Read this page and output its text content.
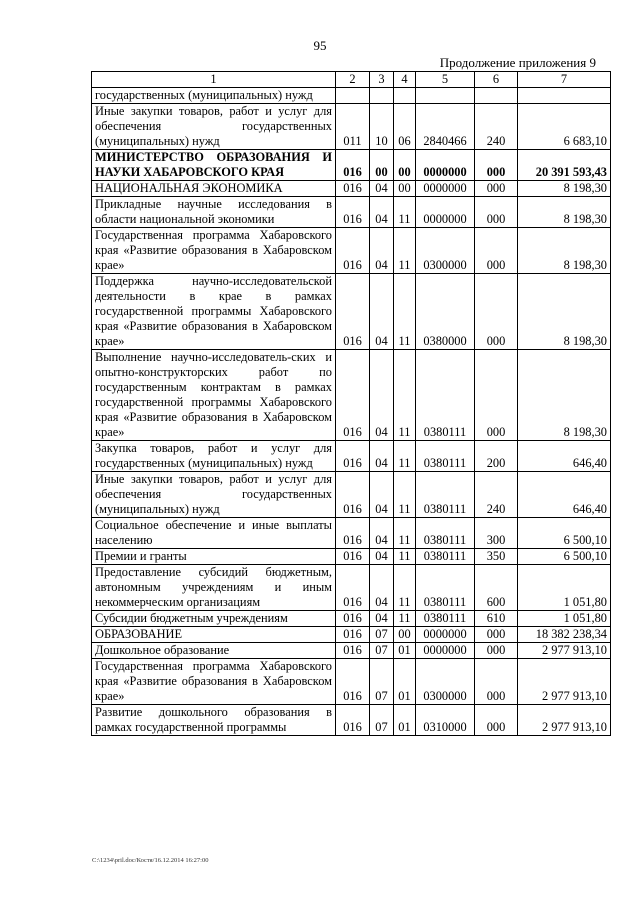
95
Продолжение приложения 9
1	2	3	4	5	6	7
государственных (муниципальных) нужд						
Иные закупки товаров, работ и услуг для обеспечения государственных (муниципальных) нужд	011	10	06	2840466	240	6 683,10
МИНИСТЕРСТВО ОБРАЗОВАНИЯ И НАУКИ ХАБАРОВСКОГО КРАЯ	016	00	00	0000000	000	20 391 593,43
НАЦИОНАЛЬНАЯ ЭКОНОМИКА	016	04	00	0000000	000	8 198,30
Прикладные научные исследования в области национальной экономики	016	04	11	0000000	000	8 198,30
Государственная программа Хабаровского края «Развитие образования в Хабаровском крае»	016	04	11	0300000	000	8 198,30
Поддержка научно-исследовательской деятельности в крае в рамках государственной программы Хабаровского края «Развитие образования в Хабаровском крае»	016	04	11	0380000	000	8 198,30
Выполнение научно-исследователь-ских и опытно-конструкторских работ по государственным контрактам в рамках государственной программы Хабаровского края «Развитие образования в Хабаровском крае»	016	04	11	0380111	000	8 198,30
Закупка товаров, работ и услуг для государственных (муниципальных) нужд	016	04	11	0380111	200	646,40
Иные закупки товаров, работ и услуг для обеспечения государственных (муниципальных) нужд	016	04	11	0380111	240	646,40
Социальное обеспечение и иные выплаты населению	016	04	11	0380111	300	6 500,10
Премии и гранты	016	04	11	0380111	350	6 500,10
Предоставление субсидий бюджетным, автономным учреждениям и иным некоммерческим организациям	016	04	11	0380111	600	1 051,80
Субсидии бюджетным учреждениям	016	04	11	0380111	610	1 051,80
ОБРАЗОВАНИЕ	016	07	00	0000000	000	18 382 238,34
Дошкольное образование	016	07	01	0000000	000	2 977 913,10
Государственная программа Хабаровского края «Развитие образования в Хабаровском крае»	016	07	01	0300000	000	2 977 913,10
Развитие дошкольного образования в рамках государственной программы	016	07	01	0310000	000	2 977 913,10
C:\1234\pril.doc/Костя/16.12.2014 16:27:00
